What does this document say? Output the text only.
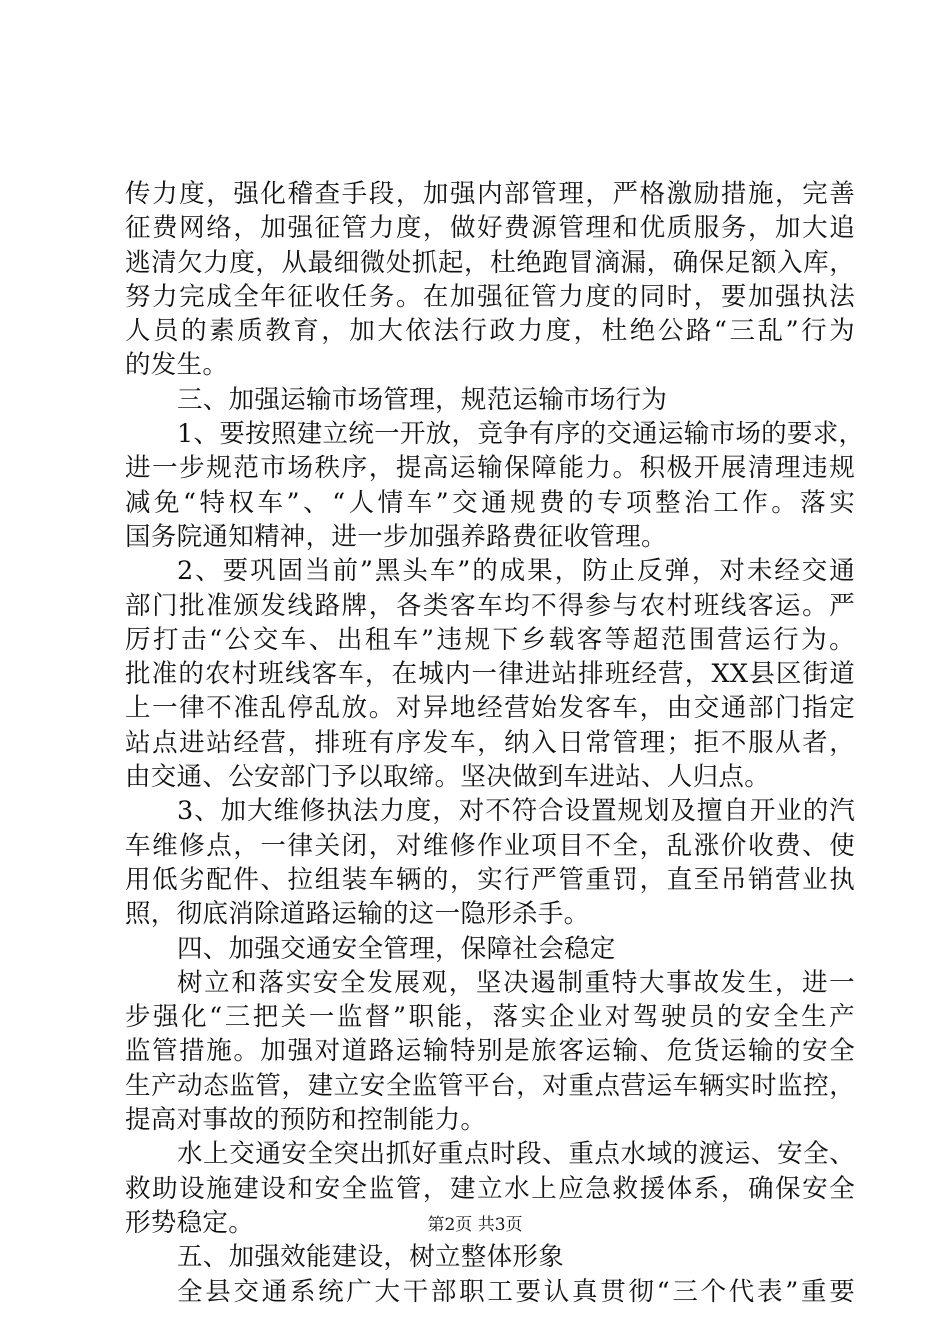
传力度，强化稽查手段，加强内部管理，严格激励措施，完善
征费网络，加强征管力度，做好费源管理和优质服务，加大追
逃清欠力度，从最细微处抓起，杜绝跑冒滴漏，确保足额入库，
努力完成全年征收任务。在加强征管力度的同时，要加强执法
人员的素质教育，加大依法行政力度，杜绝公路“三乱”行为
的发生。
三、加强运输市场管理，规范运输市场行为
1、要按照建立统一开放，竞争有序的交通运输市场的要求，
进一步规范市场秩序，提高运输保障能力。积极开展清理违规
减免“特权车”、“人情车”交通规费的专项整治工作。落实
国务院通知精神，进一步加强养路费征收管理。
2、要巩固当前”黑头车”的成果，防止反弹，对未经交通
部门批准颁发线路牌，各类客车均不得参与农村班线客运。严
厉打击“公交车、出租车”违规下乡载客等超范围营运行为。
批准的农村班线客车，在城内一律进站排班经营，XX县区街道
上一律不准乱停乱放。对异地经营始发客车，由交通部门指定
站点进站经营，排班有序发车，纳入日常管理；拒不服从者，
由交通、公安部门予以取缔。坚决做到车进站、人归点。
3、加大维修执法力度，对不符合设置规划及擅自开业的汽
车维修点，一律关闭，对维修作业项目不全，乱涨价收费、使
用低劣配件、拉组装车辆的，实行严管重罚，直至吊销营业执
照，彻底消除道路运输的这一隐形杀手。
四、加强交通安全管理，保障社会稳定
树立和落实安全发展观，坚决遏制重特大事故发生，进一
步强化“三把关一监督”职能，落实企业对驾驶员的安全生产
监管措施。加强对道路运输特别是旅客运输、危货运输的安全
生产动态监管，建立安全监管平台，对重点营运车辆实时监控，
提高对事故的预防和控制能力。
水上交通安全突出抓好重点时段、重点水域的渡运、安全、
救助设施建设和安全监管，建立水上应急救援体系，确保安全
形势稳定。
五、加强效能建设，树立整体形象
全县交通系统广大干部职工要认真贯彻“三个代表”重要
第2页 共3页
